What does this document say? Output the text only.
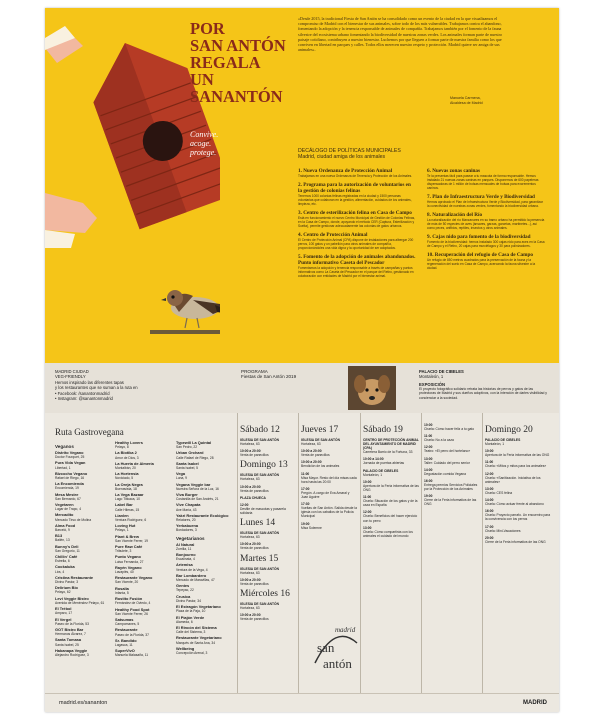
POR
SAN ANTÓN
REGALA
UN SANANTÓN
Convive.
acoge.
protege.
«Desde 2015, la tradicional Fiesta de San Antón se ha consolidado como un evento de la ciudad en la que visualizamos el compromiso de Madrid con el bienestar de sus animales, sobre todo de los más vulnerables. Trabajamos contra el abandono, fomentando la adopción y la tenencia responsable de animales de compañía. Trabajamos también por el fomento de la fauna silvestre del ecosistema urbano fomentando la biodiversidad de nuestras zonas verdes. Los animales forman parte de nuestro paisaje cotidiano, contribuyen a nuestro bienestar. Luchemos por que lleguen a formar parte de nuestra familia como los que conviven en libertad en parques y calles. Todos ellos merecen nuestro respeto y protección. Madrid quiere ser amiga de sus animales».
Manuela Carmena,
Alcaldesa de Madrid
DECÁLOGO DE POLÍTICAS MUNICIPALES
Madrid, ciudad amiga de los animales
1. Nueva Ordenanza de Protección Animal

Trabajamos en una nueva Ordenanza de Tenencia y Protección de los Animales.

2. Programa para la autorización de voluntarios en la gestión de colonias felinas

Tenemos 1000 colonias felinas registradas en la ciudad y 1500 personas voluntarias que colaboran en la gestión, alimentación, cuidados de los animales, limpieza, etc.

3. Centro de esterilización felina en Casa de Campo

Está en funcionamiento el nuevo Centro Municipal de Gestión de Colonias Felinas, en la Casa de Campo, donde, apoyando el método CER (Captura, Esterilización y Suelta), permite gestionar adecuadamente las colonias de gatos urbanos.

4. Centro de Protección Animal

El Centro de Protección Animal (CPA) dispone de instalaciones para albergar 200 perros, 100 gatos y un pabellón para otros animales de compañía, proporcionándoles una vida digna y la oportunidad de ser adoptados.

5. Fomento de la adopción de animales abandonados. Punto informativo Caseta del Pescador

Fomentamos la adopción y tenencia responsable a través de campañas y puntos informativos como La Caseta del Pescador en el parque del Retiro, gestionado en colaboración con entidades de Madrid por el bienestar animal.

6. Nuevas zonas caninas

Te la presentas fácil para pasear a tu mascota de forma responsable. Hemos instalado 21 nuevas zonas caninas en parques. Disponemos de 600 papeleras dispensadoras de 1 millón de bolsas mensuales de bolsas para excrementos caninos.

7. Plan de Infraestructura Verde y Biodiversidad

Hemos aprobado el Plan de Infraestructura Verde y Biodiversidad, para garantizar la conectividad de nuestras zonas verdes, fomentando la biodiversidad urbana.

8. Naturalización del Río

La naturalización del río Manzanares en su tramo urbano ha permitido la presencia de más de 50 especies de aves (ánsares, garzas, garcetas, martinetes...), así como peces, anfibios, reptiles, insectos y otros animales.

9. Cajas nido para fomento de la biodiversidad

Fomento de la biodiversidad: hemos instalado 300 cajas nido para aves en la Casa de Campo y el Retiro, 20 cajas para murciélagos y 30 para polinizadores.

10. Recuperación del refugio de Casa de Campo

Un refugio de 850 metros cuadrados para la preservación de la fauna y la regeneración del suelo en Casa de Campo, acercando la fauna silvestre a la ciudad.

MADRID CIUDAD
VEG-FRIENDLY
Hemos inspirado las diferentes tapas
y los restaurantes que se suman a la ruta en
• Facebook: /sanantonmadrid
• Instagram: @sanantonmadrid
PROGRAMA
Fiestas de San Antón 2019
PALACIO DE CIBELES
Montaleón, 1
EXPOSICIÓN
El proyecto fotográfico solidario retrata las historias de perros y gatos de las protectoras de Madrid y sus dueños adoptivos, con la intención de darles visibilidad y concienciar a la sociedad.
Ruta Gastroveganа
Veganos
Distrito Vegano
Doctor Fourquet, 25
Pura Vida Vegan
Libertad, 1
Bizcocho Vegano
Rafael de Riego, 16
La Encomienda
Encomienda, 19
Mesa Mestre
San Bernardo, 67
Vegetaren
Lugar de Trapo, 4
Mercadito
Mercado Tirso de Molina
Alma Food
Barceló, 9
B13
Bailén, 13
Bunny's Deli
San Gregorio, 11
Chillin' Café
Estrella, 6
Cookaluka
Lira, 4
Cristina Restaurante
Divino Pastor, 3
Delirium Bio
Pelayo, 62
Levi Veggie Bistro
Avenida de Menéndez Pelayo, 61
El Trébol
Amparo, 17
El Vergel
Paseo de la Florida, 53
GOT Bistro Bar
Hermanos Álvarez, 7
Santa Tomasa
Santa Isabel, 25
Habanapa Veggie
Alejandro Rodríguez, 3
Healthy Lovers
Pelayo, 8
La Biotika 2
Amor de Dios, 3
La Huerta de Almería
Montalbán, 20
La Hortensia
Noviciado, 5
La Oreja Negra
Buenavista, 18
La Vega Bazaar
Lago Titicaca, 10
Label Bar
Calle Hileras, 15
Lianlen
Ventura Rodríguez, 6
Loving Hut
Pelayo, 1
Plant & Brew
San Vicente Ferrer, 19
Pure Raw Café
Tribulete, 3
Punto Vegano
Luisa Fernanda, 27
Rayén Vegano
Lavapiés, 40
Restaurante Vegano
San Vicente, 20
Rosalia
Infanta, 5
Rostito Fusión
Fernández de Oviedo, 4
Healthy Food Spot
San Vicente Ferrer, 26
Satsumas
Campomanes, 5
Restaurante
Paseo de la Florida, 37
Sr. Bandido
Lagasca, 11
SuperVivO
Manuela Malasaña, 11
Typewill La Quintal
San Pedro, 22
Urban Orchard
Calle Rafael de Riego, 28
Santa Isabel
Santa Isabel, 5
Vega
Luna, 9
Vegana Veggie bar
Nuestra Señora de la Luz, 16
Viva Burger
Costanilla de San Andrés, 21
Vive Chapata
Ave María, 43
Yakri Restaurante Ecológico
Relatores, 20
Yerbabuena
Bordadores, 3
Vegetarianos
Al Natural
Zorrilla, 11
Bonjourno
Escalinata, 4
Artemisa
Ventura de la Vega, 4
Bar Lombardero
Mercado de Maravillas, 47
Gentes
Tepeyac, 22
Crusica
Divino Pastor, 34
El Estragón Vegetariano
Plaza de la Paja, 10
El Piajón Verde
Alameda, 6
El Rincón del Sistema
Calle del Sistema, 3
Restaurante Vegetariano
Marqués de Santa Ana, 34
Wellbeing
Concepción Arenal, 3
Sábado 12
IGLESIA DE SAN ANTÓN
Hortaleza, 63
10:00 a 20:00
Venta de panecillos
Domingo 13
IGLESIA DE SAN ANTÓN
Hortaleza, 63
10:00 a 20:00
Venta de panecillos
PLAZA CHUECA
12:00
Desfile de mascotas y pasarela solidaria
Lunes 14
IGLESIA DE SAN ANTÓN
Hortaleza, 63
10:00 a 20:00
Venta de panecillos
Martes 15
IGLESIA DE SAN ANTÓN
Hortaleza, 63
10:00 a 20:00
Venta de panecillos
Miércoles 16
IGLESIA DE SAN ANTÓN
Hortaleza, 63
10:00 a 20:00
Venta de panecillos
Jueves 17
IGLESIA DE SAN ANTÓN
Hortaleza, 63
10:00 a 20:00
Venta de panecillos
10:00 a 20:00
Bendición de los animales
11:00
Misa Mayor. Resto del día misas cada hora hasta las 20:00
17:00
Pregón. A cargo de Eva Amaral y Juan Aguirre
17:30
Vueltas de San Antón. Salida desde la iglesia con los caballos de la Policía Municipal
19:00
Misa Solemne
Sábado 19
CENTRO DE PROTECCIÓN ANIMAL DEL AYUNTAMIENTO DE MADRID (CPA)
Carretera Barrio de la Fortuna, 33
10:00 a 14:00
Jornada de puertas abiertas
PALACIO DE CIBELES
Montaleón, 1
10:00
Apertura de la Feria informativa de las ONG
11:00
Charla: Situación de los gatos y de la caza en España
12:00
Charla: Beneficios del hacer ejercicio con tu perro
13:00
Charla: Cómo compartirás con los animales el cuidado del mundo
10:00
Charla: Cómo hacer feliz a tu gato
11:00
Charla: No a la caza
12:00
Teatro: «El perro del hortelano»
13:00
Taller: Cuidado del perro senior
14:00
Degustación comida Vegana
16:00
Entrega premios Servicios Policiales por la Protección de los Animales
19:00
Cierre de la Feria informativa de las ONG
Domingo 20
PALACIO DE CIBELES
Montaleón, 1
10:00
Apertura de la Feria informativa de las ONG
11:00
Charla: «Mitos y mitos para los animales»
12:00
Charla: «Sanitización. Iniciativa de los animales»
13:00
Charla: CES felina
14:00
Charla: Cómo actuar frente al abandono
16:00
Charla: Proyecto parrafo. Un encuentro para la convivencia con los perros
17:00
Charla: Mini-Vacaciones
20:00
Cierre de la Feria informativa de las ONG
madrid
san
antón
madrid.es/sananton	MADRID
